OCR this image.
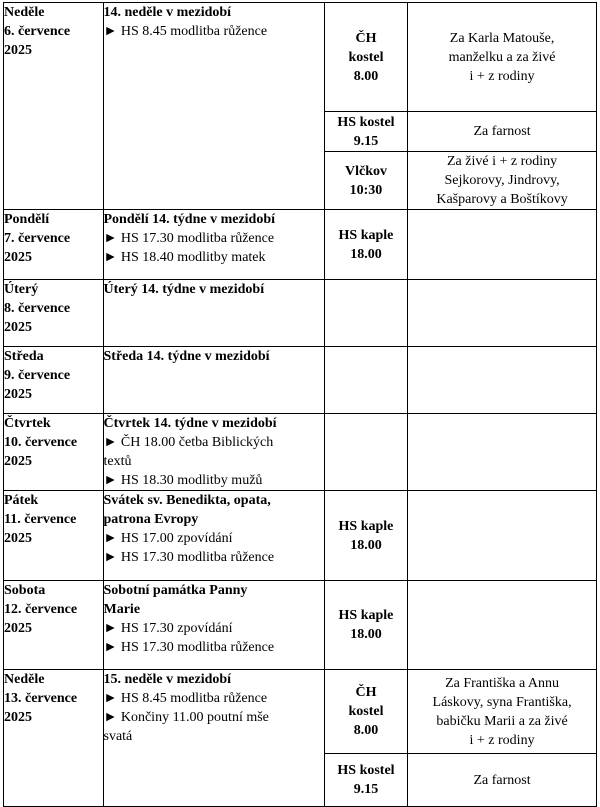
Neděle
6. července
2025	14. neděle v mezidobí
► HS 8.45 modlitba růžence	ČH
kostel
8.00	Za Karla Matouše,
manželku a za živé
i + z rodiny

		HS kostel
9.15	Za farnost

		Vlčkov
10:30	Za živé i + z rodiny
Sejkorovy, Jindrovy,
Kašparovy a Boštíkovy

Pondělí
7. července
2025	Pondělí 14. týdne v mezidobí
► HS 17.30 modlitba růžence
► HS 18.40 modlitby matek	HS kaple
18.00	

Úterý
8. července
2025	Úterý 14. týdne v mezidobí		

Středa
9. července
2025	Středa 14. týdne v mezidobí		

Čtvrtek
10. července
2025	Čtvrtek 14. týdne v mezidobí
► ČH 18.00 četba Biblických
textů
► HS 18.30 modlitby mužů		

Pátek
11. července
2025	Svátek sv. Benedikta, opata,
patrona Evropy
► HS 17.00 zpovídání
► HS 17.30 modlitba růžence	HS kaple
18.00	

Sobota
12. července
2025	Sobotní památka Panny
Marie
► HS 17.30 zpovídání
► HS 17.30 modlitba růžence	HS kaple
18.00	

Neděle
13. července
2025	15. neděle v mezidobí
► HS 8.45 modlitba růžence
► Končiny 11.00 poutní mše
svatá	ČH
kostel
8.00	Za Františka a Annu
Láskovy, syna Františka,
babičku Marii a za živé
i + z rodiny

		HS kostel
9.15	Za farnost
